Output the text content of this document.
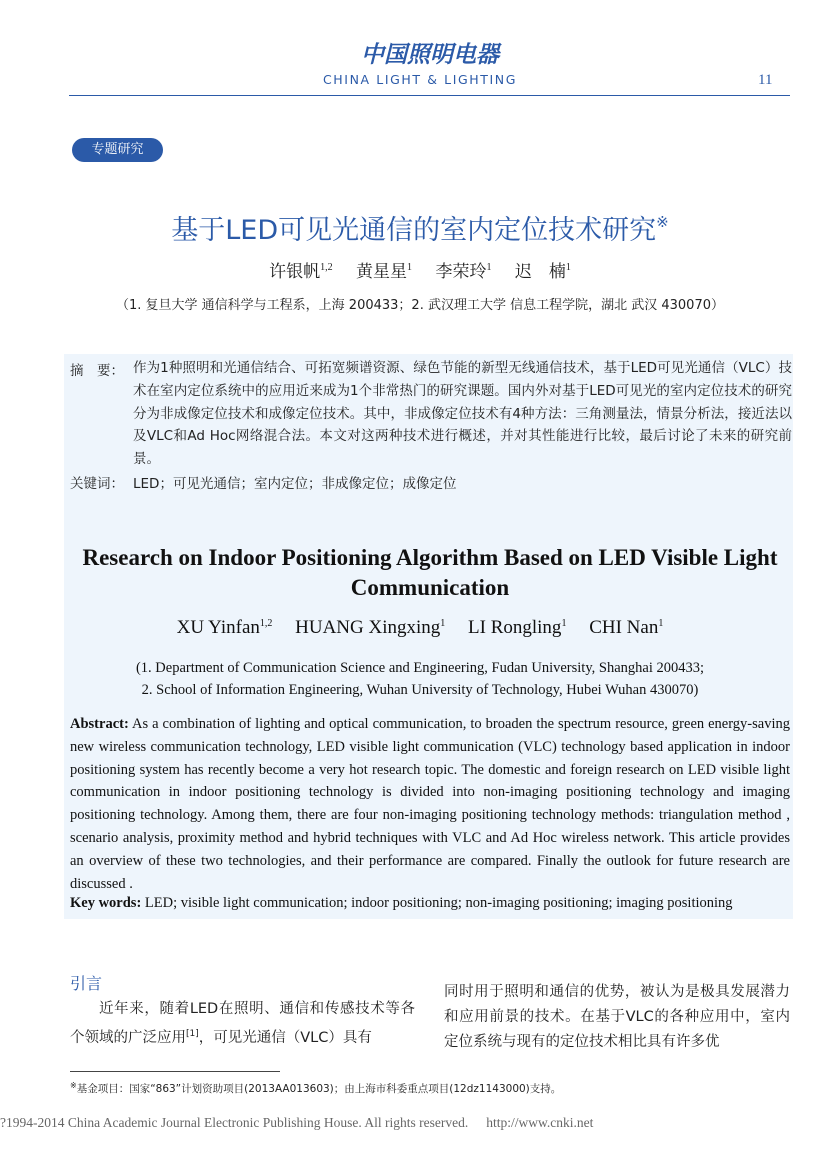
中国照明电器
CHINA LIGHT & LIGHTING	11
专题研究
基于LED可见光通信的室内定位技术研究※
许银帆$^{1,2}$ 黄星星$^1$ 李荣玲$^1$ 迟　楠$^1$
（1. 复旦大学 通信科学与工程系，上海 200433；2. 武汉理工大学 信息工程学院，湖北 武汉 430070）
摘　要： 作为1种照明和光通信结合、可拓宽频谱资源、绿色节能的新型无线通信技术，基于LED可见光通信（VLC）技术在室内定位系统中的应用近来成为1个非常热门的研究课题。国内外对基于LED可见光的室内定位技术的研究分为非成像定位技术和成像定位技术。其中，非成像定位技术有4种方法：三角测量法，情景分析法，接近法以及VLC和Ad Hoc网络混合法。本文对这两种技术进行概述，并对其性能进行比较，最后讨论了未来的研究前景。
关键词： LED；可见光通信；室内定位；非成像定位；成像定位
Research on Indoor Positioning Algorithm Based on LED Visible Light Communication
XU Yinfan$^{1,2}$ HUANG Xingxing$^1$ LI Rongling$^1$ CHI Nan$^1$
(1. Department of Communication Science and Engineering, Fudan University, Shanghai 200433;
2. School of Information Engineering, Wuhan University of Technology, Hubei Wuhan 430070)
Abstract: As a combination of lighting and optical communication, to broaden the spectrum resource, green energy-saving new wireless communication technology, LED visible light communication (VLC) technology based application in indoor positioning system has recently become a very hot research topic. The domestic and foreign research on LED visible light communication in indoor positioning technology is divided into non-imaging positioning technology and imaging positioning technology. Among them, there are four non-imaging positioning technology methods: triangulation method , scenario analysis, proximity method and hybrid techniques with VLC and Ad Hoc wireless network. This article provides an overview of these two technologies, and their performance are compared. Finally the outlook for future research are discussed .
Key words: LED; visible light communication; indoor positioning; non-imaging positioning; imaging positioning
引言
近年来，随着LED在照明、通信和传感技术等各个领域的广泛应用[1]，可见光通信（VLC）具有
同时用于照明和通信的优势，被认为是极具发展潜力和应用前景的技术。在基于VLC的各种应用中，室内定位系统与现有的定位技术相比具有许多优
※基金项目：国家“863”计划资助项目(2013AA013603)；由上海市科委重点项目(12dz1143000)支持。
?1994-2014 China Academic Journal Electronic Publishing House. All rights reserved. http://www.cnki.net
